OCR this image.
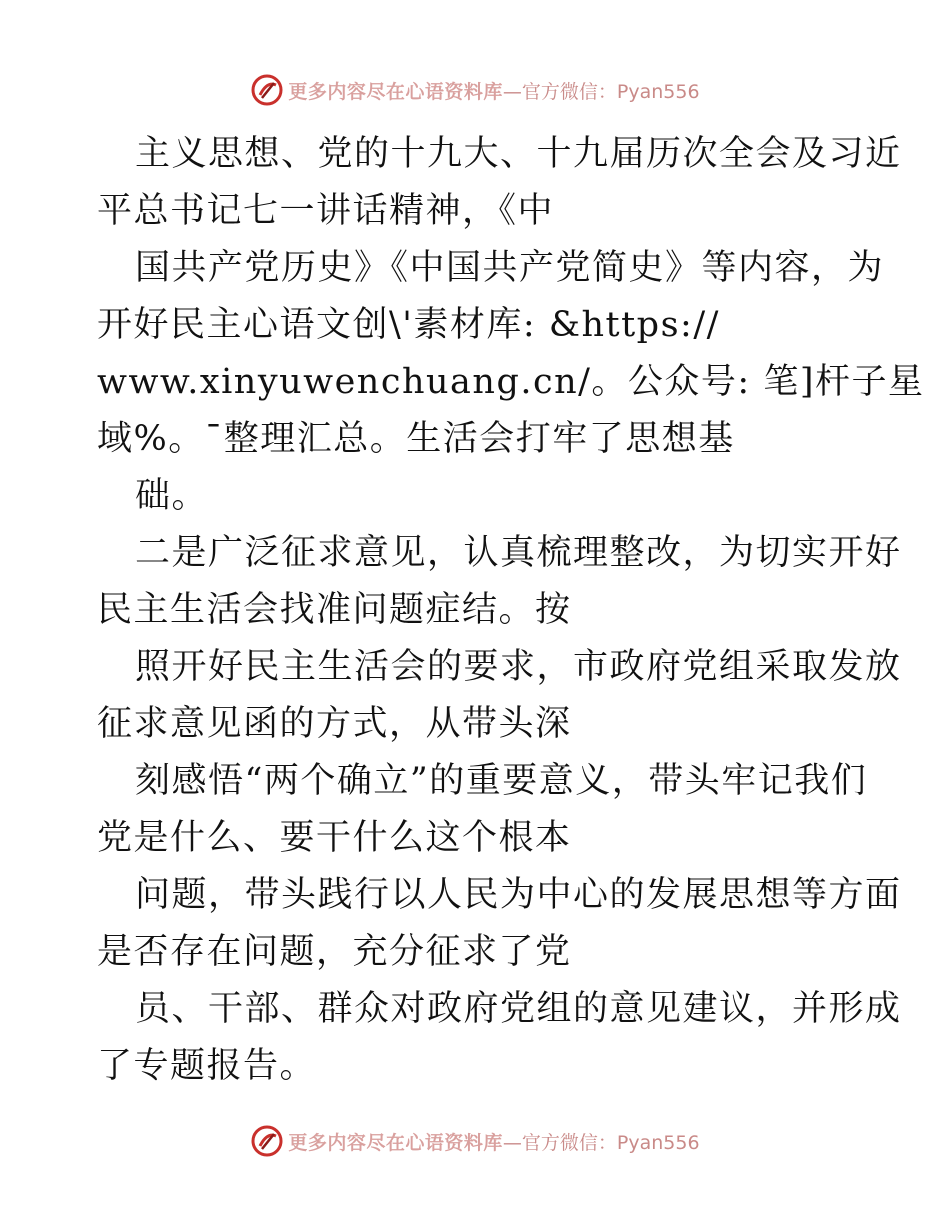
更多内容尽在心语资料库 —官方微信：Pyan556
主义思想、党的十九大、十九届历次全会及习近
平总书记七一讲话精神，《中
国共产党历史》《中国共产党简史》等内容，为
开好民主心语文创\'素材库: &https://
www.xinyuwenchuang.cn/。公众号: 笔]杆子星
域%。¯整理汇总。生活会打牢了思想基
础。
二是广泛征求意见，认真梳理整改，为切实开好
民主生活会找准问题症结。按
照开好民主生活会的要求，市政府党组采取发放
征求意见函的方式，从带头深
刻感悟“两个确立”的重要意义，带头牢记我们
党是什么、要干什么这个根本
问题，带头践行以人民为中心的发展思想等方面
是否存在问题，充分征求了党
员、干部、群众对政府党组的意见建议，并形成
了专题报告。
更多内容尽在心语资料库 —官方微信：Pyan556
